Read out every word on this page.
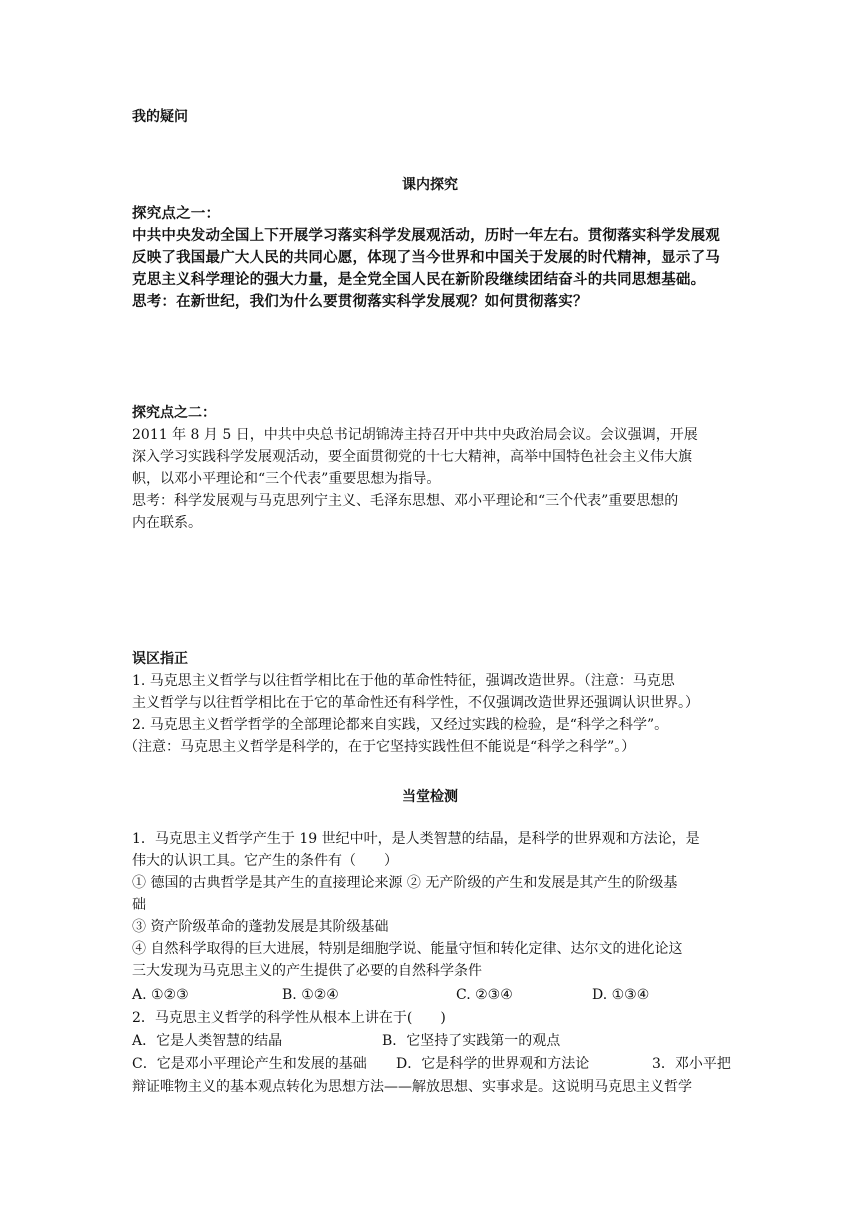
我的疑问
课内探究
探究点之一：
中共中央发动全国上下开展学习落实科学发展观活动，历时一年左右。贯彻落实科学发展观
反映了我国最广大人民的共同心愿，体现了当今世界和中国关于发展的时代精神，显示了马
克思主义科学理论的强大力量，是全党全国人民在新阶段继续团结奋斗的共同思想基础。
思考：在新世纪，我们为什么要贯彻落实科学发展观？如何贯彻落实？
探究点之二：
2011 年 8 月 5 日，中共中央总书记胡锦涛主持召开中共中央政治局会议。会议强调，开展
深入学习实践科学发展观活动，要全面贯彻党的十七大精神，高举中国特色社会主义伟大旗
帜，以邓小平理论和“三个代表”重要思想为指导。
思考：科学发展观与马克思列宁主义、毛泽东思想、邓小平理论和“三个代表”重要思想的
内在联系。
误区指正
1. 马克思主义哲学与以往哲学相比在于他的革命性特征，强调改造世界。（注意：马克思
主义哲学与以往哲学相比在于它的革命性还有科学性，不仅强调改造世界还强调认识世界。）
2. 马克思主义哲学哲学的全部理论都来自实践，又经过实践的检验，是“科学之科学”。
（注意：马克思主义哲学是科学的，在于它坚持实践性但不能说是“科学之科学”。）
当堂检测
1．马克思主义哲学产生于 19 世纪中叶，是人类智慧的结晶，是科学的世界观和方法论，是
伟大的认识工具。它产生的条件有（　　）
① 德国的古典哲学是其产生的直接理论来源 ② 无产阶级的产生和发展是其产生的阶级基
础
③ 资产阶级革命的蓬勃发展是其阶级基础
④ 自然科学取得的巨大进展，特别是细胞学说、能量守恒和转化定律、达尔文的进化论这
三大发现为马克思主义的产生提供了必要的自然科学条件
A. ①②③	B. ①②④	C. ②③④	D. ①③④
2．马克思主义哲学的科学性从根本上讲在于(　　)
A．它是人类智慧的结晶	B．它坚持了实践第一的观点
C．它是邓小平理论产生和发展的基础 D．它是科学的世界观和方法论	3．邓小平把
辩证唯物主义的基本观点转化为思想方法——解放思想、实事求是。这说明马克思主义哲学
